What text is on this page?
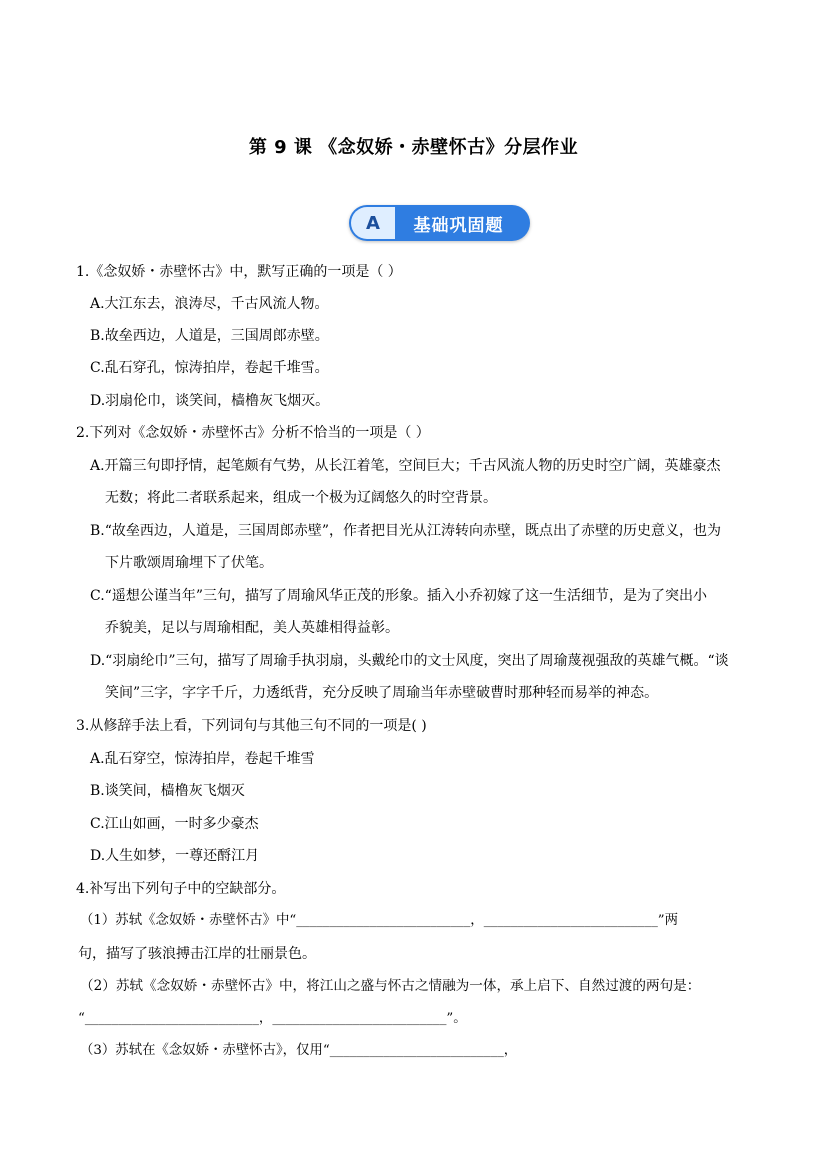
第 9 课 《念奴娇・赤壁怀古》分层作业
A	基础巩固题
1.《念奴娇・赤壁怀古》中，默写正确的一项是（ ）
A.大江东去，浪涛尽，千古风流人物。
B.故垒西边，人道是，三国周郎赤壁。
C.乱石穿孔，惊涛拍岸，卷起千堆雪。
D.羽扇伦巾，谈笑间，樯橹灰飞烟灭。
2.下列对《念奴娇・赤壁怀古》分析不恰当的一项是（ ）
A.开篇三句即抒情，起笔颇有气势，从长江着笔，空间巨大；千古风流人物的历史时空广阔，英雄豪杰
无数；将此二者联系起来，组成一个极为辽阔悠久的时空背景。
B.“故垒西边，人道是，三国周郎赤壁”，作者把目光从江涛转向赤壁，既点出了赤壁的历史意义，也为
下片歌颂周瑜埋下了伏笔。
C.“遥想公谨当年”三句，描写了周瑜风华正茂的形象。插入小乔初嫁了这一生活细节，是为了突出小
乔貌美，足以与周瑜相配，美人英雄相得益彰。
D.“羽扇纶巾”三句，描写了周瑜手执羽扇，头戴纶巾的文士风度，突出了周瑜蔑视强敌的英雄气概。“谈
笑间”三字，字字千斤，力透纸背，充分反映了周瑜当年赤壁破曹时那种轻而易举的神态。
3.从修辞手法上看，下列词句与其他三句不同的一项是( )
A.乱石穿空，惊涛拍岸，卷起千堆雪
B.谈笑间，樯橹灰飞烟灭
C.江山如画，一时多少豪杰
D.人生如梦，一尊还酹江月
4.补写出下列句子中的空缺部分。
（1）苏轼《念奴娇・赤壁怀古》中“__________________________，__________________________”两
句，描写了骇浪搏击江岸的壮丽景色。
（2）苏轼《念奴娇・赤壁怀古》中，将江山之盛与怀古之情融为一体，承上启下、自然过渡的两句是：
“__________________________，__________________________”。
（3）苏轼在《念奴娇・赤壁怀古》，仅用“__________________________，
